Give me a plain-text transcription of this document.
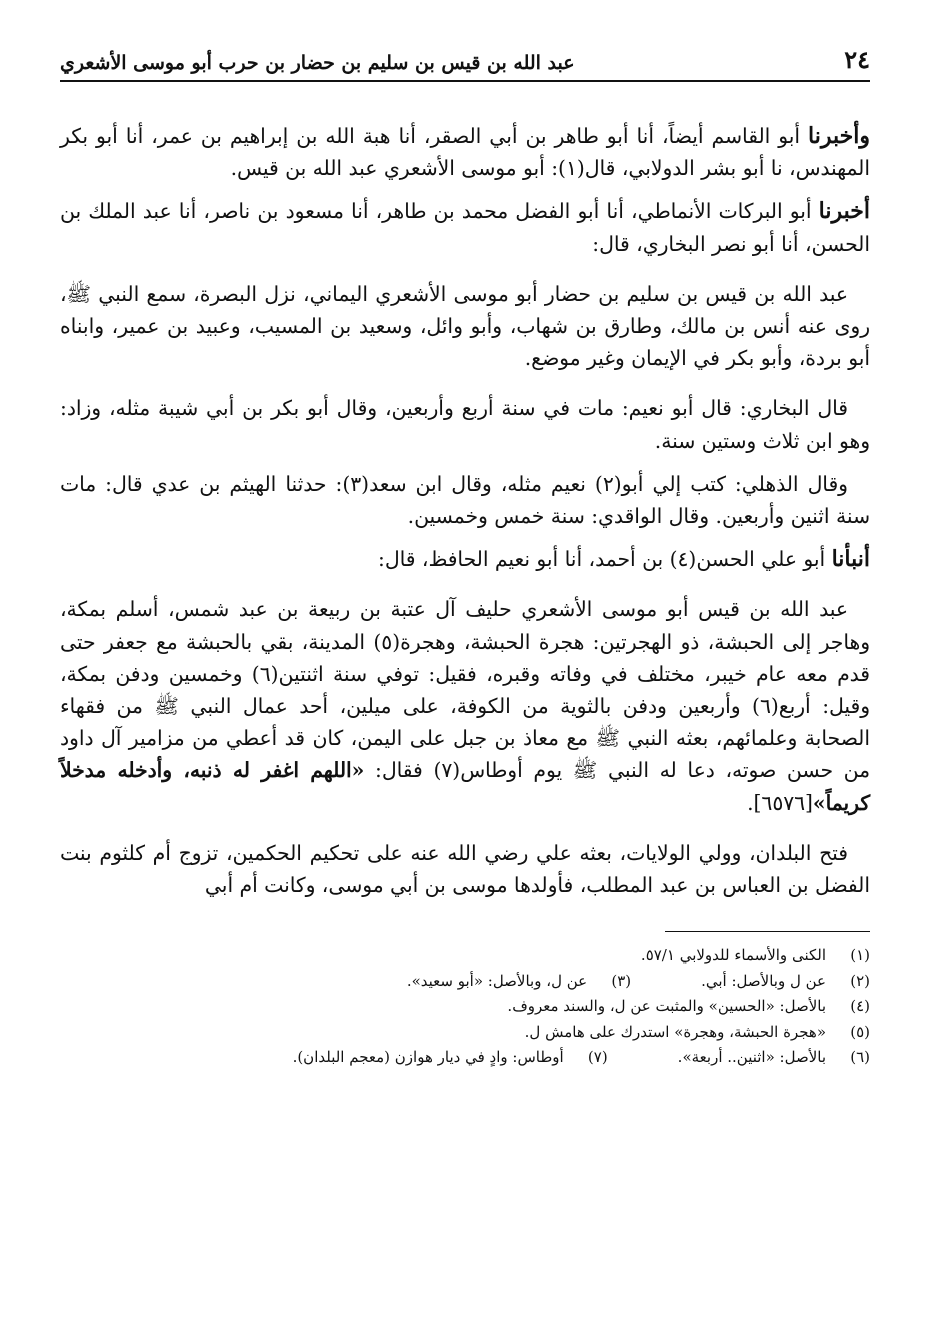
٢٤
عبد الله بن قيس بن سليم بن حضار بن حرب أبو موسى الأشعري

وأخبرنا أبو القاسم أيضاً، أنا أبو طاهر بن أبي الصقر، أنا هبة الله بن إبراهيم بن عمر، أنا أبو بكر المهندس، نا أبو بشر الدولابي، قال(١): أبو موسى الأشعري عبد الله بن قيس.

أخبرنا أبو البركات الأنماطي، أنا أبو الفضل محمد بن طاهر، أنا مسعود بن ناصر، أنا عبد الملك بن الحسن، أنا أبو نصر البخاري، قال:

عبد الله بن قيس بن سليم بن حضار أبو موسى الأشعري اليماني، نزل البصرة، سمع النبي ﷺ، روى عنه أنس بن مالك، وطارق بن شهاب، وأبو وائل، وسعيد بن المسيب، وعبيد بن عمير، وابناه أبو بردة، وأبو بكر في الإيمان وغير موضع.

قال البخاري: قال أبو نعيم: مات في سنة أربع وأربعين، وقال أبو بكر بن أبي شيبة مثله، وزاد: وهو ابن ثلاث وستين سنة.

وقال الذهلي: كتب إلي أبو(٢) نعيم مثله، وقال ابن سعد(٣): حدثنا الهيثم بن عدي قال: مات سنة اثنين وأربعين. وقال الواقدي: سنة خمس وخمسين.

أنبأنا أبو علي الحسن(٤) بن أحمد، أنا أبو نعيم الحافظ، قال:

عبد الله بن قيس أبو موسى الأشعري حليف آل عتبة بن ربيعة بن عبد شمس، أسلم بمكة، وهاجر إلى الحبشة، ذو الهجرتين: هجرة الحبشة، وهجرة(٥) المدينة، بقي بالحبشة مع جعفر حتى قدم معه عام خيبر، مختلف في وفاته وقبره، فقيل: توفي سنة اثنتين(٦) وخمسين ودفن بمكة، وقيل: أربع(٦) وأربعين ودفن بالثوية من الكوفة، على ميلين، أحد عمال النبي ﷺ من فقهاء الصحابة وعلمائهم، بعثه النبي ﷺ مع معاذ بن جبل على اليمن، كان قد أعطي من مزامير آل داود من حسن صوته، دعا له النبي ﷺ يوم أوطاس(٧) فقال: «اللهم اغفر له ذنبه، وأدخله مدخلاً كريماً»[٦٥٧٦].

فتح البلدان، وولي الولايات، بعثه علي رضي الله عنه على تحكيم الحكمين، تزوج أم كلثوم بنت الفضل بن العباس بن عبد المطلب، فأولدها موسى بن أبي موسى، وكانت أم أبي

(١)
الكنى والأسماء للدولابي ٥٧/١.
(٢)
عن ل وبالأصل: أبي.
(٣)
عن ل، وبالأصل: «أبو سعيد».
(٤)
بالأصل: «الحسين» والمثبت عن ل، والسند معروف.
(٥)
«هجرة الحبشة، وهجرة» استدرك على هامش ل.
(٦)
بالأصل: «اثنين.. أربعة».
(٧)
أوطاس: وادٍ في ديار هوازن (معجم البلدان).
